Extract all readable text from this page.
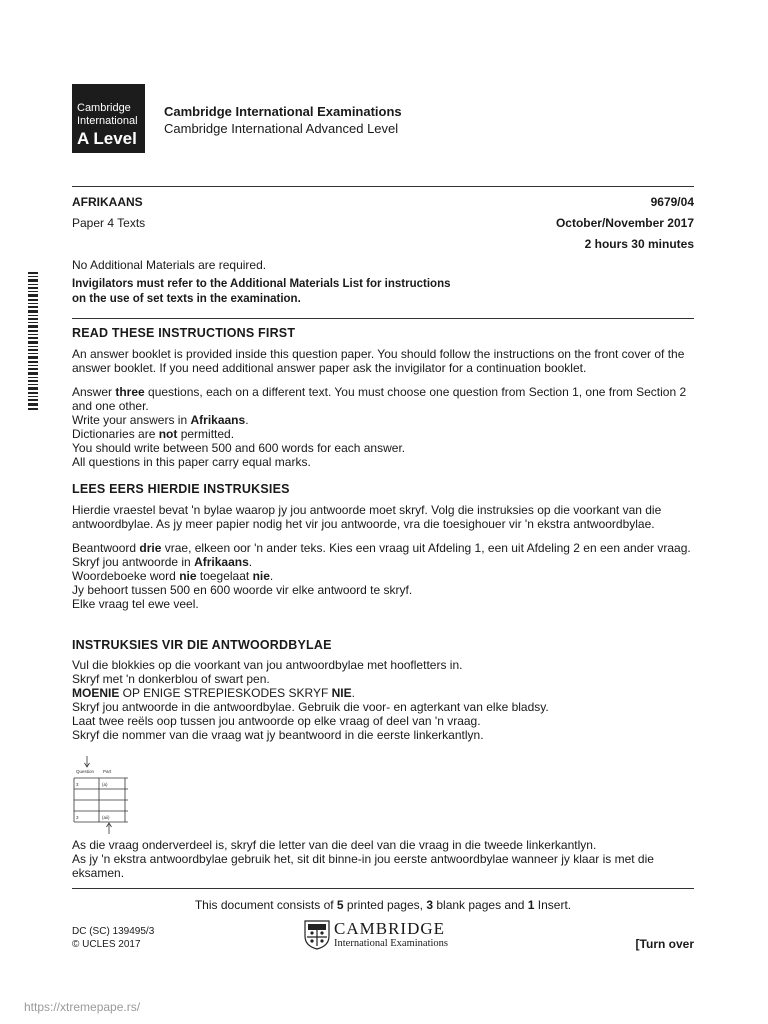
Cambridge
International
A Level
Cambridge International Examinations
Cambridge International Advanced Level
AFRIKAANS	9679/04
Paper 4 Texts	October/November 2017
2 hours 30 minutes
No Additional Materials are required.
Invigilators must refer to the Additional Materials List for instructions
on the use of set texts in the examination.
READ THESE INSTRUCTIONS FIRST

An answer booklet is provided inside this question paper. You should follow the instructions on the front cover of the answer booklet. If you need additional answer paper ask the invigilator for a continuation booklet.

Answer three questions, each on a different text. You must choose one question from Section 1, one from Section 2 and one other.

Write your answers in Afrikaans.

Dictionaries are not permitted.

You should write between 500 and 600 words for each answer.

All questions in this paper carry equal marks.

LEES EERS HIERDIE INSTRUKSIES

Hierdie vraestel bevat 'n bylae waarop jy jou antwoorde moet skryf. Volg die instruksies op die voorkant van die antwoordbylae. As jy meer papier nodig het vir jou antwoorde, vra die toesighouer vir 'n ekstra antwoordbylae.

Beantwoord drie vrae, elkeen oor 'n ander teks. Kies een vraag uit Afdeling 1, een uit Afdeling 2 en een ander vraag.

Skryf jou antwoorde in Afrikaans.

Woordeboeke word nie toegelaat nie.

Jy behoort tussen 500 en 600 woorde vir elke antwoord te skryf.

Elke vraag tel ewe veel.

INSTRUKSIES VIR DIE ANTWOORDBYLAE

Vul die blokkies op die voorkant van jou antwoordbylae met hoofletters in.

Skryf met 'n donkerblou of swart pen.

MOENIE OP ENIGE STREPIESKODES SKRYF NIE.

Skryf jou antwoorde in die antwoordbylae. Gebruik die voor- en agterkant van elke bladsy.

Laat twee reëls oop tussen jou antwoorde op elke vraag of deel van 'n vraag.

Skryf die nommer van die vraag wat jy beantwoord in die eerste linkerkantlyn.

Question Part
3	(a)
3	(aii)

As die vraag onderverdeel is, skryf die letter van die deel van die vraag in die tweede linkerkantlyn.

As jy 'n ekstra antwoordbylae gebruik het, sit dit binne-in jou eerste antwoordbylae wanneer jy klaar is met die eksamen.

This document consists of 5 printed pages, 3 blank pages and 1 Insert.
DC (SC) 139495/3
© UCLES 2017
CAMBRIDGE
International Examinations	[Turn over
https://xtremepape.rs/
